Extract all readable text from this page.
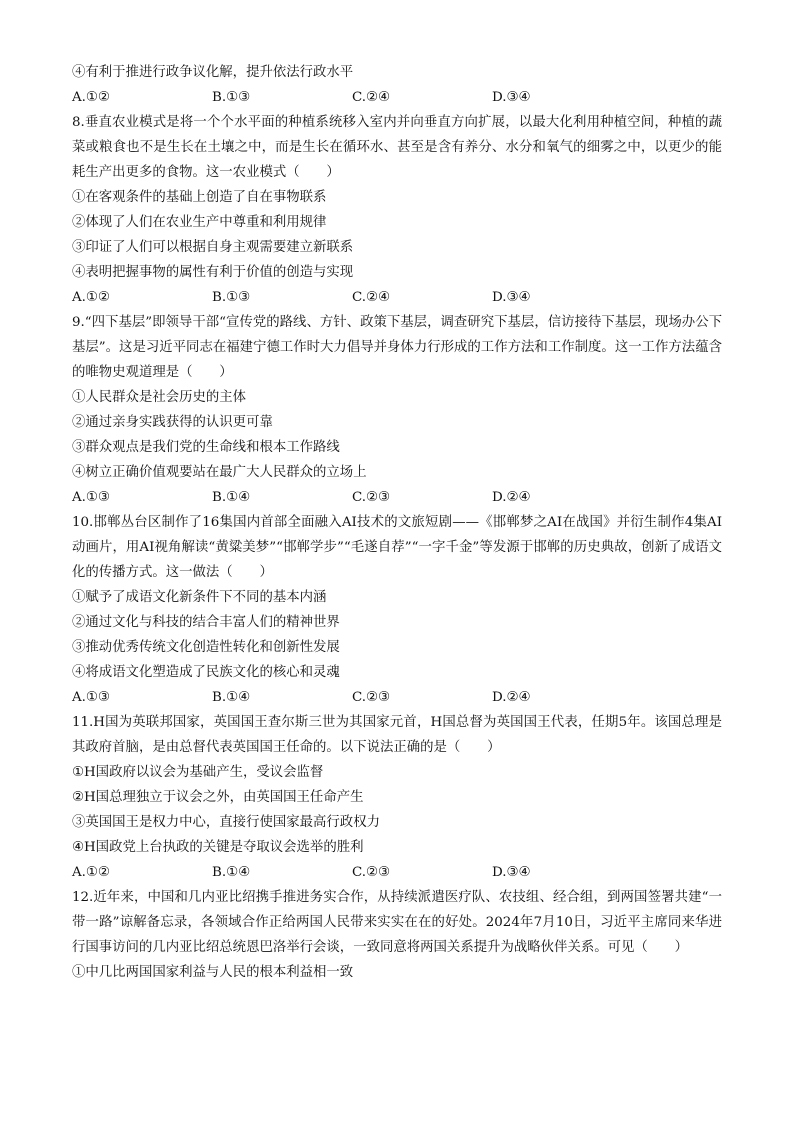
④有利于推进行政争议化解，提升依法行政水平
A.①②	B.①③	C.②④	D.③④
8.垂直农业模式是将一个个水平面的种植系统移入室内并向垂直方向扩展，以最大化利用种植空间，种植的蔬菜或粮食也不是生长在土壤之中，而是生长在循环水、甚至是含有养分、水分和氧气的细雾之中，以更少的能耗生产出更多的食物。这一农业模式（　　）
①在客观条件的基础上创造了自在事物联系
②体现了人们在农业生产中尊重和利用规律
③印证了人们可以根据自身主观需要建立新联系
④表明把握事物的属性有利于价值的创造与实现
A.①②	B.①③	C.②④	D.③④
9.“四下基层”即领导干部“宣传党的路线、方针、政策下基层，调查研究下基层，信访接待下基层，现场办公下基层”。这是习近平同志在福建宁德工作时大力倡导并身体力行形成的工作方法和工作制度。这一工作方法蕴含的唯物史观道理是（　　）
①人民群众是社会历史的主体
②通过亲身实践获得的认识更可靠
③群众观点是我们党的生命线和根本工作路线
④树立正确价值观要站在最广大人民群众的立场上
A.①③	B.①④	C.②③	D.②④
10.邯郸丛台区制作了16集国内首部全面融入AI技术的文旅短剧——《邯郸梦之AI在战国》并衍生制作4集AI动画片，用AI视角解读“黄粱美梦”“邯郸学步”“毛遂自荐”“一字千金”等发源于邯郸的历史典故，创新了成语文化的传播方式。这一做法（　　）
①赋予了成语文化新条件下不同的基本内涵
②通过文化与科技的结合丰富人们的精神世界
③推动优秀传统文化创造性转化和创新性发展
④将成语文化塑造成了民族文化的核心和灵魂
A.①③	B.①④	C.②③	D.②④
11.H国为英联邦国家，英国国王查尔斯三世为其国家元首，H国总督为英国国王代表，任期5年。该国总理是其政府首脑，是由总督代表英国国王任命的。以下说法正确的是（　　）
①H国政府以议会为基础产生，受议会监督
②H国总理独立于议会之外，由英国国王任命产生
③英国国王是权力中心，直接行使国家最高行政权力
④H国政党上台执政的关键是夺取议会选举的胜利
A.①②	B.①④	C.②③	D.③④
12.近年来，中国和几内亚比绍携手推进务实合作，从持续派遣医疗队、农技组、经合组，到两国签署共建“一带一路”谅解备忘录，各领域合作正给两国人民带来实实在在的好处。2024年7月10日，习近平主席同来华进行国事访问的几内亚比绍总统恩巴洛举行会谈，一致同意将两国关系提升为战略伙伴关系。可见（　　）
①中几比两国国家利益与人民的根本利益相一致
